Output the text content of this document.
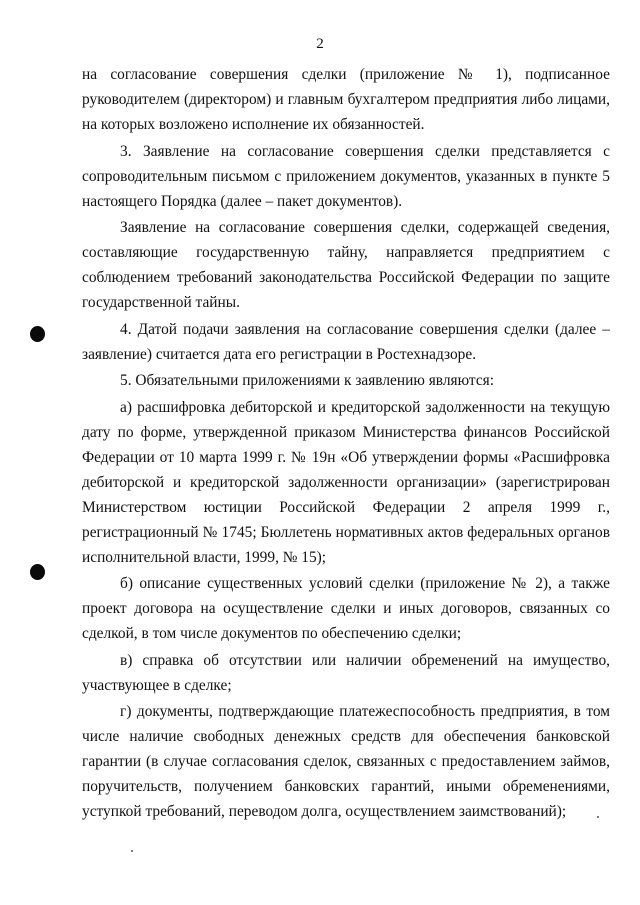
2

на согласование совершения сделки (приложение № 1), подписанное руководителем (директором) и главным бухгалтером предприятия либо лицами, на которых возложено исполнение их обязанностей.

3. Заявление на согласование совершения сделки представляется с сопроводительным письмом с приложением документов, указанных в пункте 5 настоящего Порядка (далее – пакет документов).

Заявление на согласование совершения сделки, содержащей сведения, составляющие государственную тайну, направляется предприятием с соблюдением требований законодательства Российской Федерации по защите государственной тайны.

4. Датой подачи заявления на согласование совершения сделки (далее – заявление) считается дата его регистрации в Ростехнадзоре.

5. Обязательными приложениями к заявлению являются:

а) расшифровка дебиторской и кредиторской задолженности на текущую дату по форме, утвержденной приказом Министерства финансов Российской Федерации от 10 марта 1999 г. № 19н «Об утверждении формы «Расшифровка дебиторской и кредиторской задолженности организации» (зарегистрирован Министерством юстиции Российской Федерации 2 апреля 1999 г., регистрационный № 1745; Бюллетень нормативных актов федеральных органов исполнительной власти, 1999, № 15);

б) описание существенных условий сделки (приложение № 2), а также проект договора на осуществление сделки и иных договоров, связанных со сделкой, в том числе документов по обеспечению сделки;

в) справка об отсутствии или наличии обременений на имущество, участвующее в сделке;

г) документы, подтверждающие платежеспособность предприятия, в том числе наличие свободных денежных средств для обеспечения банковской гарантии (в случае согласования сделок, связанных с предоставлением займов, поручительств, получением банковских гарантий, иными обременениями, уступкой требований, переводом долга, осуществлением заимствований);
